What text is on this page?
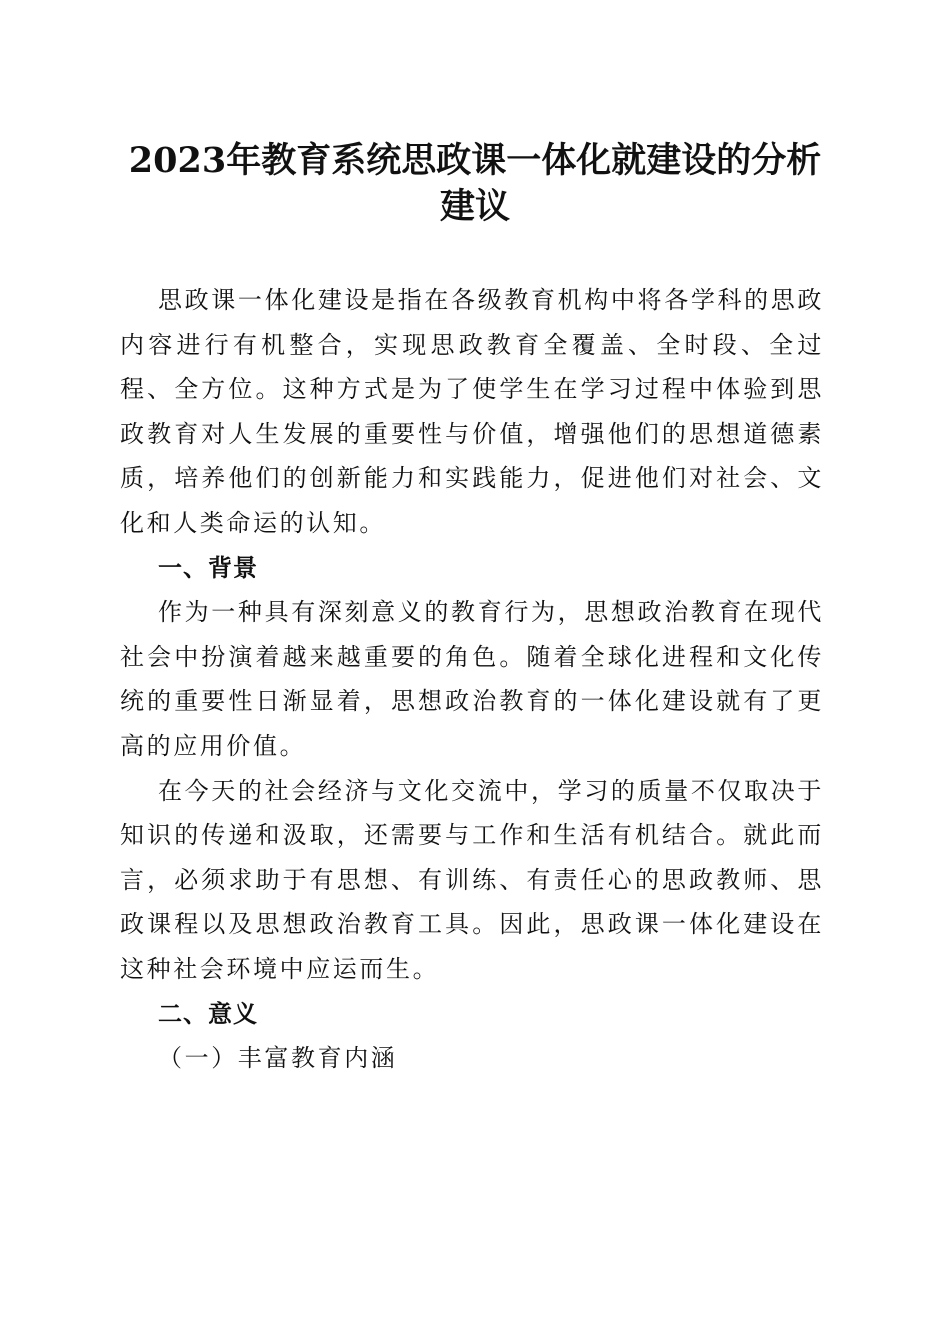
2023年教育系统思政课一体化就建设的分析
建议

思政课一体化建设是指在各级教育机构中将各学科的思政内容进行有机整合，实现思政教育全覆盖、全时段、全过程、全方位。这种方式是为了使学生在学习过程中体验到思政教育对人生发展的重要性与价值，增强他们的思想道德素质，培养他们的创新能力和实践能力，促进他们对社会、文化和人类命运的认知。

一、背景

作为一种具有深刻意义的教育行为，思想政治教育在现代社会中扮演着越来越重要的角色。随着全球化进程和文化传统的重要性日渐显着，思想政治教育的一体化建设就有了更高的应用价值。

在今天的社会经济与文化交流中，学习的质量不仅取决于知识的传递和汲取，还需要与工作和生活有机结合。就此而言，必须求助于有思想、有训练、有责任心的思政教师、思政课程以及思想政治教育工具。因此，思政课一体化建设在这种社会环境中应运而生。

二、意义

（一）丰富教育内涵
